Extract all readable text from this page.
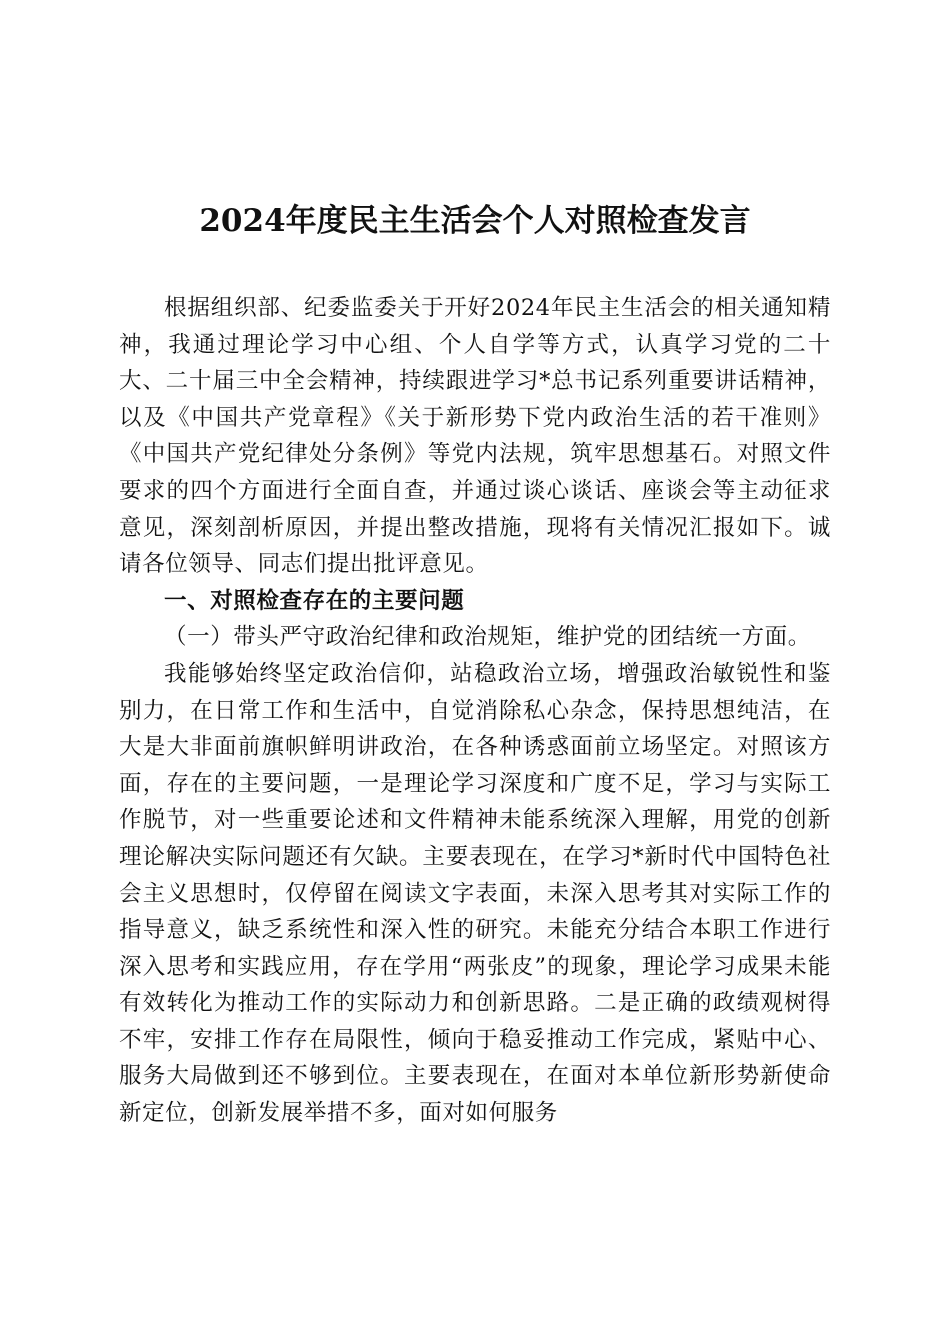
2024年度民主生活会个人对照检查发言

根据组织部、纪委监委关于开好2024年民主生活会的相关通知精神，我通过理论学习中心组、个人自学等方式，认真学习党的二十大、二十届三中全会精神，持续跟进学习*总书记系列重要讲话精神，以及《中国共产党章程》《关于新形势下党内政治生活的若干准则》《中国共产党纪律处分条例》等党内法规，筑牢思想基石。对照文件要求的四个方面进行全面自查，并通过谈心谈话、座谈会等主动征求意见，深刻剖析原因，并提出整改措施，现将有关情况汇报如下。诚请各位领导、同志们提出批评意见。

一、对照检查存在的主要问题

（一）带头严守政治纪律和政治规矩，维护党的团结统一方面。

我能够始终坚定政治信仰，站稳政治立场，增强政治敏锐性和鉴别力，在日常工作和生活中，自觉消除私心杂念，保持思想纯洁，在大是大非面前旗帜鲜明讲政治，在各种诱惑面前立场坚定。对照该方面，存在的主要问题，一是理论学习深度和广度不足，学习与实际工作脱节，对一些重要论述和文件精神未能系统深入理解，用党的创新理论解决实际问题还有欠缺。主要表现在，在学习*新时代中国特色社会主义思想时，仅停留在阅读文字表面，未深入思考其对实际工作的指导意义，缺乏系统性和深入性的研究。未能充分结合本职工作进行深入思考和实践应用，存在学用“两张皮”的现象，理论学习成果未能有效转化为推动工作的实际动力和创新思路。二是正确的政绩观树得不牢，安排工作存在局限性，倾向于稳妥推动工作完成，紧贴中心、服务大局做到还不够到位。主要表现在，在面对本单位新形势新使命新定位，创新发展举措不多，面对如何服务
